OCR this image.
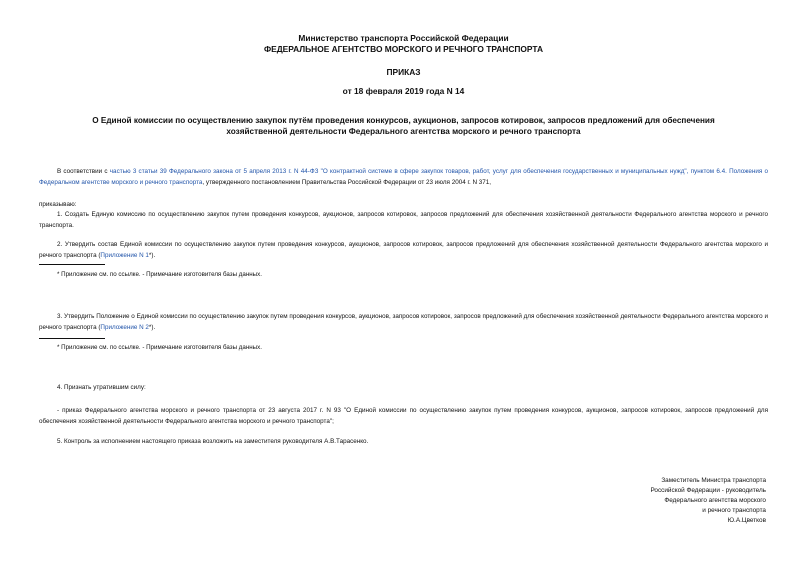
Министерство транспорта Российской Федерации
ФЕДЕРАЛЬНОЕ АГЕНТСТВО МОРСКОГО И РЕЧНОГО ТРАНСПОРТА
ПРИКАЗ
от 18 февраля 2019 года N 14
О Единой комиссии по осуществлению закупок путём проведения конкурсов, аукционов, запросов котировок, запросов предложений для обеспечения
хозяйственной деятельности Федерального агентства морского и речного транспорта
В соответствии с частью 3 статьи 39 Федерального закона от 5 апреля 2013 г. N 44-ФЗ "О контрактной системе в сфере закупок товаров, работ, услуг для обеспечения государственных и муниципальных нужд", пунктом 6.4. Положения о Федеральном агентстве морского и речного транспорта, утвержденного постановлением Правительства Российской Федерации от 23 июля 2004 г. N 371,
приказываю:
1. Создать Единую комиссию по осуществлению закупок путем проведения конкурсов, аукционов, запросов котировок, запросов предложений для обеспечения хозяйственной деятельности Федерального агентства морского и речного транспорта.
2. Утвердить состав Единой комиссии по осуществлению закупок путем проведения конкурсов, аукционов, запросов котировок, запросов предложений для обеспечения хозяйственной деятельности Федерального агентства морского и речного транспорта (Приложение N 1*).
* Приложение см. по ссылке. - Примечание изготовителя базы данных.
3. Утвердить Положение о Единой комиссии по осуществлению закупок путем проведения конкурсов, аукционов, запросов котировок, запросов предложений для обеспечения хозяйственной деятельности Федерального агентства морского и речного транспорта (Приложение N 2*).
* Приложение см. по ссылке. - Примечание изготовителя базы данных.
4. Признать утратившим силу:
- приказ Федерального агентства морского и речного транспорта от 23 августа 2017 г. N 93 "О Единой комиссии по осуществлению закупок путем проведения конкурсов, аукционов, запросов котировок, запросов предложений для обеспечения хозяйственной деятельности Федерального агентства морского и речного транспорта";
5. Контроль за исполнением настоящего приказа возложить на заместителя руководителя А.В.Тарасенко.
Заместитель Министра транспорта
Российской Федерации - руководитель
Федерального агентства морского
и речного транспорта
Ю.А.Цветков
